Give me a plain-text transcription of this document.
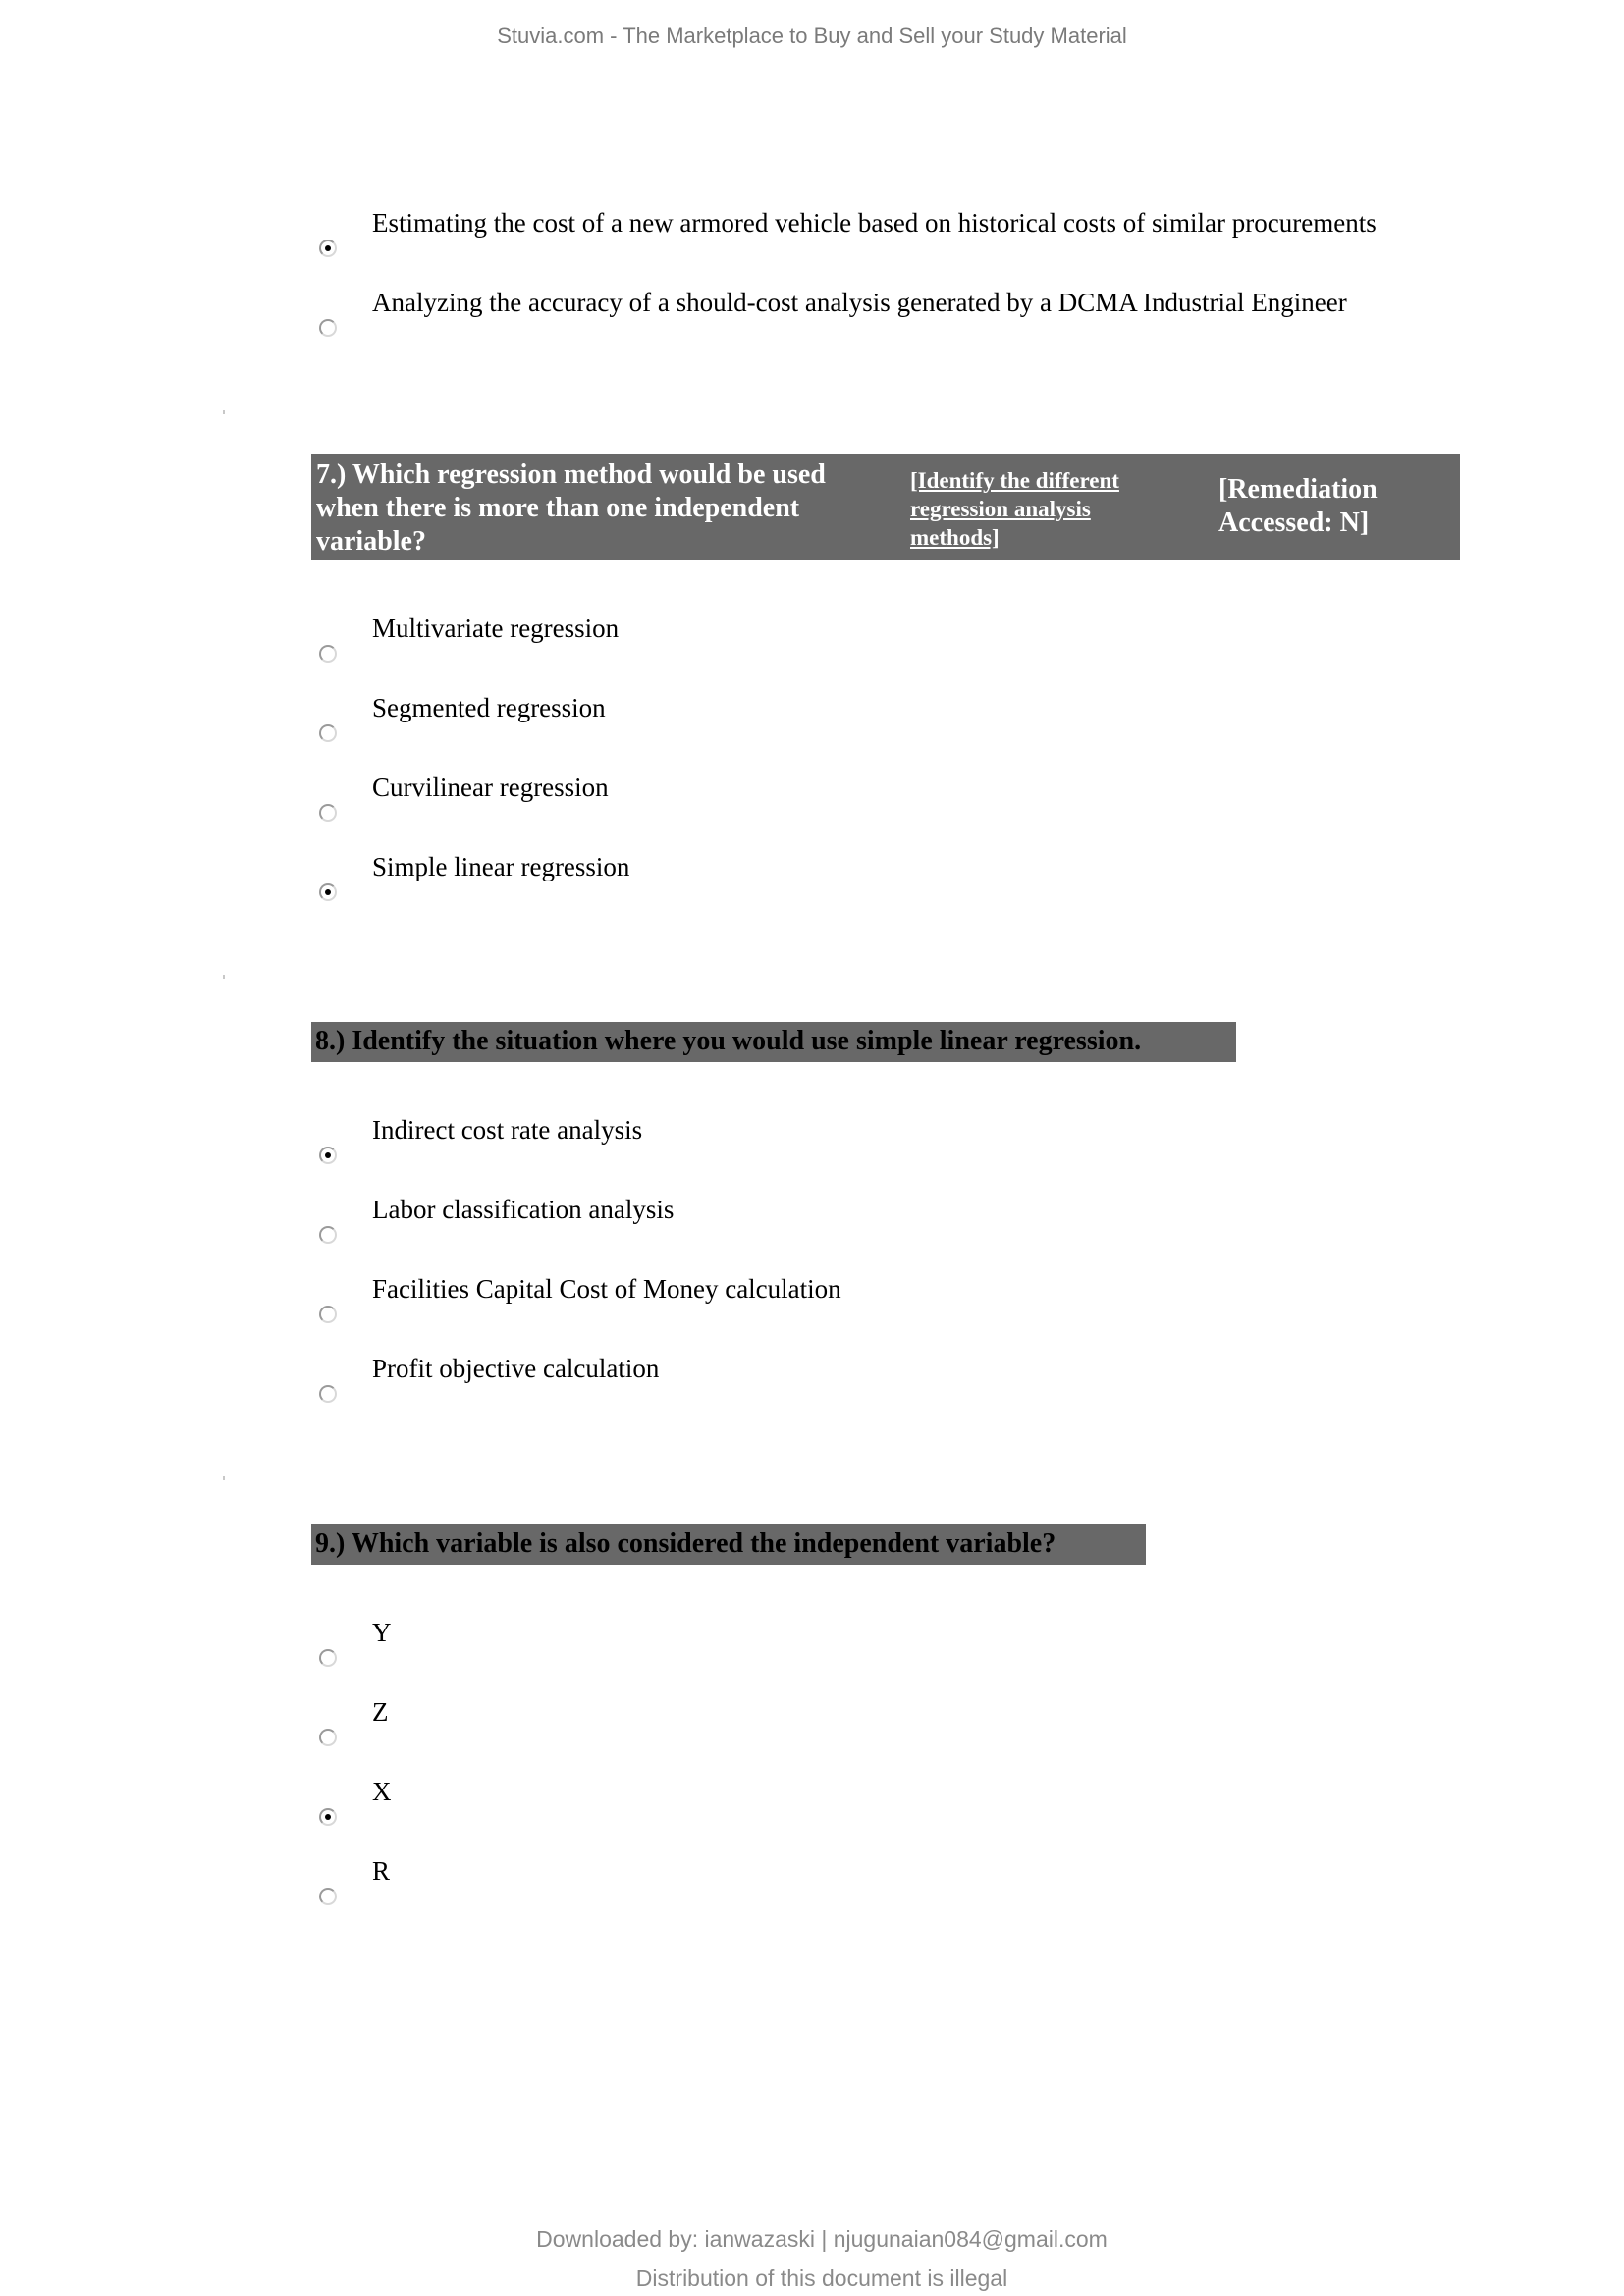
Stuvia.com - The Marketplace to Buy and Sell your Study Material
Estimating the cost of a new armored vehicle based on historical costs of similar procurements
Analyzing the accuracy of a should-cost analysis generated by a DCMA Industrial Engineer
7.) Which regression method would be used when there is more than one independent variable?
[Identify the different regression analysis methods]
[Remediation Accessed: N]
Multivariate regression
Segmented regression
Curvilinear regression
Simple linear regression
8.) Identify the situation where you would use simple linear regression.
Indirect cost rate analysis
Labor classification analysis
Facilities Capital Cost of Money calculation
Profit objective calculation
9.) Which variable is also considered the independent variable?
Y
Z
X
R
Downloaded by: ianwazaski | njugunaian084@gmail.com
Distribution of this document is illegal
